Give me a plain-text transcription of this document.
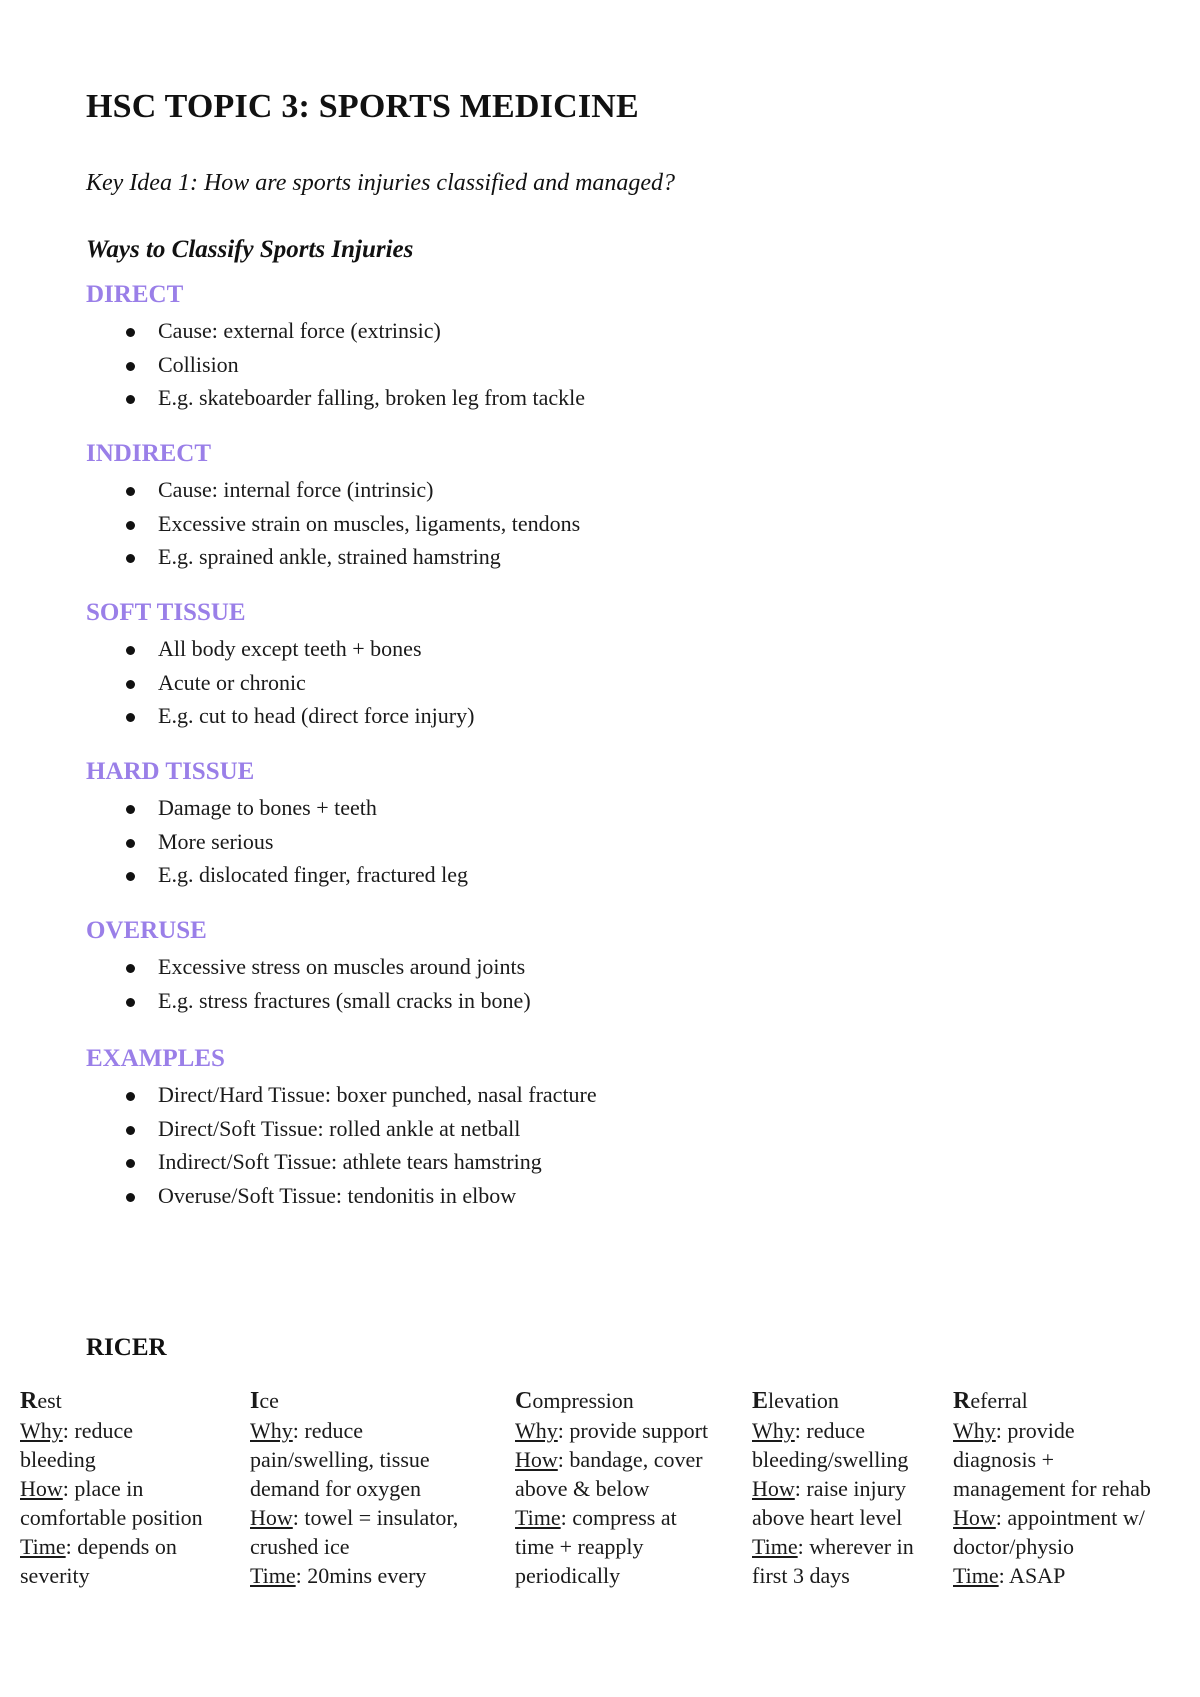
HSC TOPIC 3: SPORTS MEDICINE

Key Idea 1: How are sports injuries classified and managed?

Ways to Classify Sports Injuries

DIRECT
Cause: external force (extrinsic)
Collision
E.g. skateboarder falling, broken leg from tackle
INDIRECT
Cause: internal force (intrinsic)
Excessive strain on muscles, ligaments, tendons
E.g. sprained ankle, strained hamstring
SOFT TISSUE
All body except teeth + bones
Acute or chronic
E.g. cut to head (direct force injury)
HARD TISSUE
Damage to bones + teeth
More serious
E.g. dislocated finger, fractured leg
OVERUSE
Excessive stress on muscles around joints
E.g. stress fractures (small cracks in bone)
EXAMPLES
Direct/Hard Tissue: boxer punched, nasal fracture
Direct/Soft Tissue: rolled ankle at netball
Indirect/Soft Tissue: athlete tears hamstring
Overuse/Soft Tissue: tendonitis in elbow
RICER
Rest
Why: reduce
bleeding
How: place in
comfortable position
Time: depends on
severity
Ice
Why: reduce
pain/swelling, tissue
demand for oxygen
How: towel = insulator,
crushed ice
Time: 20mins every
Compression
Why: provide support
How: bandage, cover
above & below
Time: compress at
time + reapply
periodically
Elevation
Why: reduce
bleeding/swelling
How: raise injury
above heart level
Time: wherever in
first 3 days
Referral
Why: provide
diagnosis +
management for rehab
How: appointment w/
doctor/physio
Time: ASAP
